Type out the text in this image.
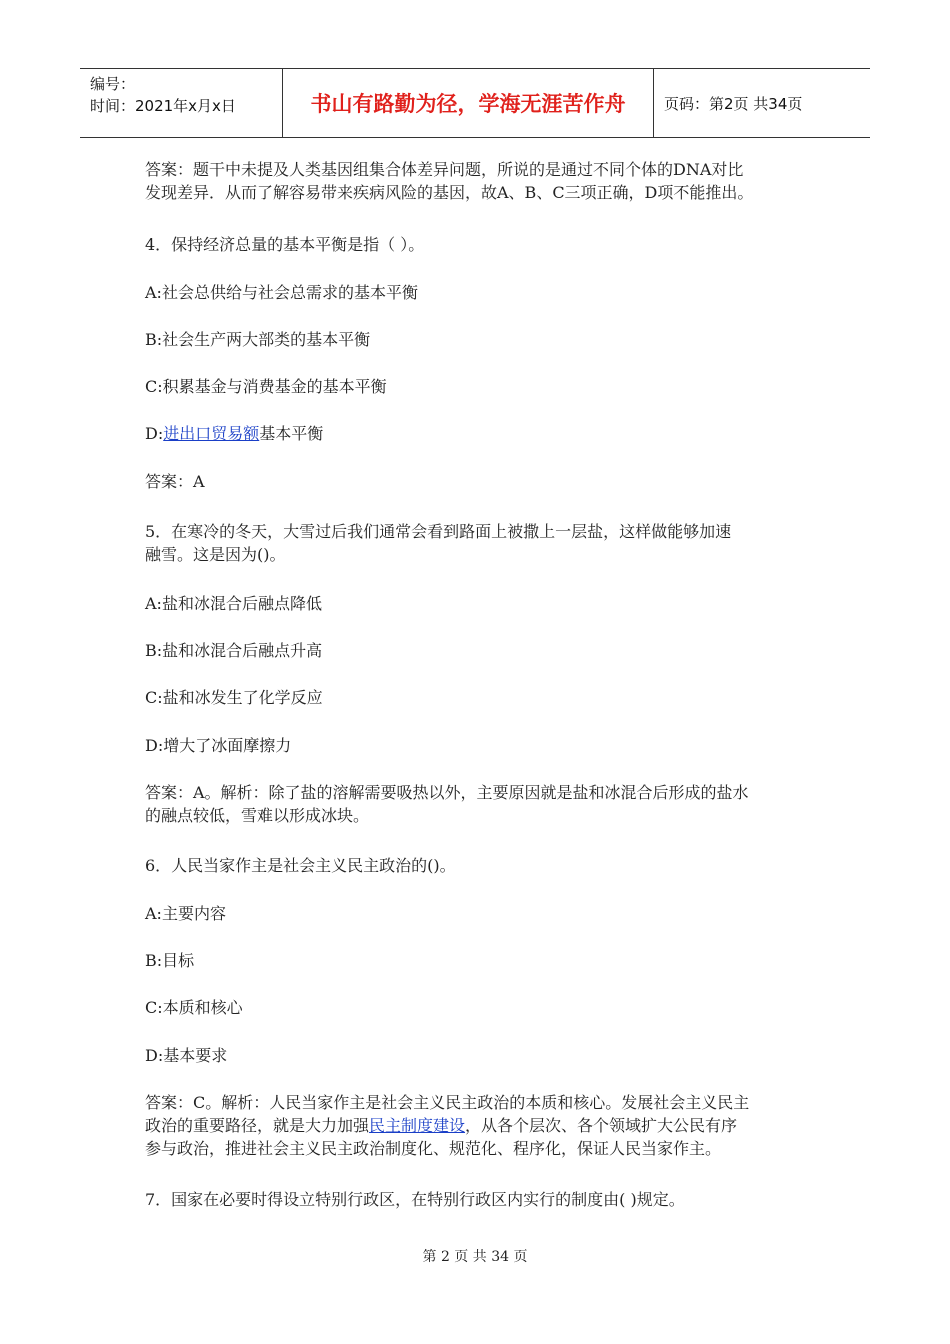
编号：
时间：2021年x月x日	书山有路勤为径，学海无涯苦作舟	页码：第2页 共34页

答案：题干中未提及人类基因组集合体差异问题，所说的是通过不同个体的DNA对比
发现差异．从而了解容易带来疾病风险的基因，故A、B、C三项正确，D项不能推出。

4．保持经济总量的基本平衡是指（ ）。

A:社会总供给与社会总需求的基本平衡

B:社会生产两大部类的基本平衡

C:积累基金与消费基金的基本平衡

D:进出口贸易额基本平衡

答案：A

5．在寒冷的冬天，大雪过后我们通常会看到路面上被撒上一层盐，这样做能够加速
融雪。这是因为()。

A:盐和冰混合后融点降低

B:盐和冰混合后融点升高

C:盐和冰发生了化学反应

D:增大了冰面摩擦力

答案：A。解析：除了盐的溶解需要吸热以外，主要原因就是盐和冰混合后形成的盐水
的融点较低，雪难以形成冰块。

6．人民当家作主是社会主义民主政治的()。

A:主要内容

B:目标

C:本质和核心

D:基本要求

答案：C。解析：人民当家作主是社会主义民主政治的本质和核心。发展社会主义民主
政治的重要路径，就是大力加强民主制度建设，从各个层次、各个领域扩大公民有序
参与政治，推进社会主义民主政治制度化、规范化、程序化，保证人民当家作主。

7．国家在必要时得设立特别行政区，在特别行政区内实行的制度由( )规定。

第 2 页 共 34 页
